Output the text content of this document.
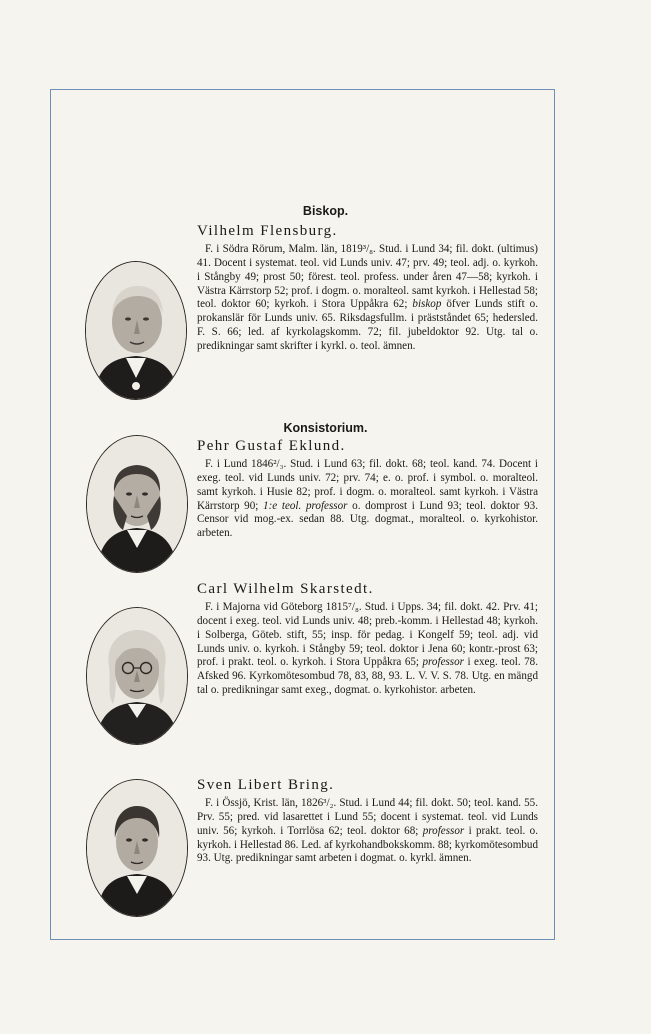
Biskop.
Vilhelm Flensburg.
F. i Södra Rörum, Malm. län, 1819³/₈. Stud. i Lund 34; fil. dokt. (ultimus) 41. Docent i systemat. teol. vid Lunds univ. 47; prv. 49; teol. adj. o. kyrkoh. i Stångby 49; prost 50; förest. teol. profess. under åren 47—58; kyrkoh. i Västra Kärrstorp 52; prof. i dogm. o. moralteol. samt kyrkoh. i Hellestad 58; teol. doktor 60; kyrkoh. i Stora Uppåkra 62; biskop öfver Lunds stift o. prokanslär för Lunds univ. 65. Riksdagsfullm. i prästståndet 65; hedersled. F. S. 66; led. af kyrkolagskomm. 72; fil. jubeldoktor 92. Utg. tal o. predikningar samt skrifter i kyrkl. o. teol. ämnen.
Konsistorium.
Pehr Gustaf Eklund.
F. i Lund 1846²/₃. Stud. i Lund 63; fil. dokt. 68; teol. kand. 74. Docent i exeg. teol. vid Lunds univ. 72; prv. 74; e. o. prof. i symbol. o. moralteol. samt kyrkoh. i Husie 82; prof. i dogm. o. moralteol. samt kyrkoh. i Västra Kärrstorp 90; 1:e teol. professor o. domprost i Lund 93; teol. doktor 93. Censor vid mog.-ex. sedan 88. Utg. dogmat., moralteol. o. kyrkohistor. arbeten.
Carl Wilhelm Skarstedt.
F. i Majorna vid Göteborg 1815⁷/₈. Stud. i Upps. 34; fil. dokt. 42. Prv. 41; docent i exeg. teol. vid Lunds univ. 48; preb.-komm. i Hellestad 48; kyrkoh. i Solberga, Göteb. stift, 55; insp. för pedag. i Kongelf 59; teol. adj. vid Lunds univ. o. kyrkoh. i Stångby 59; teol. doktor i Jena 60; kontr.-prost 63; prof. i prakt. teol. o. kyrkoh. i Stora Uppåkra 65; professor i exeg. teol. 78. Afsked 96. Kyrkomötesombud 78, 83, 88, 93. L. V. V. S. 78. Utg. en mängd tal o. predikningar samt exeg., dogmat. o. kyrkohistor. arbeten.
Sven Libert Bring.
F. i Össjö, Krist. län, 1826³/₂. Stud. i Lund 44; fil. dokt. 50; teol. kand. 55. Prv. 55; pred. vid lasarettet i Lund 55; docent i systemat. teol. vid Lunds univ. 56; kyrkoh. i Torrlösa 62; teol. doktor 68; professor i prakt. teol. o. kyrkoh. i Hellestad 86. Led. af kyrkohandbokskomm. 88; kyrkomötesombud 93. Utg. predikningar samt arbeten i dogmat. o. kyrkl. ämnen.
